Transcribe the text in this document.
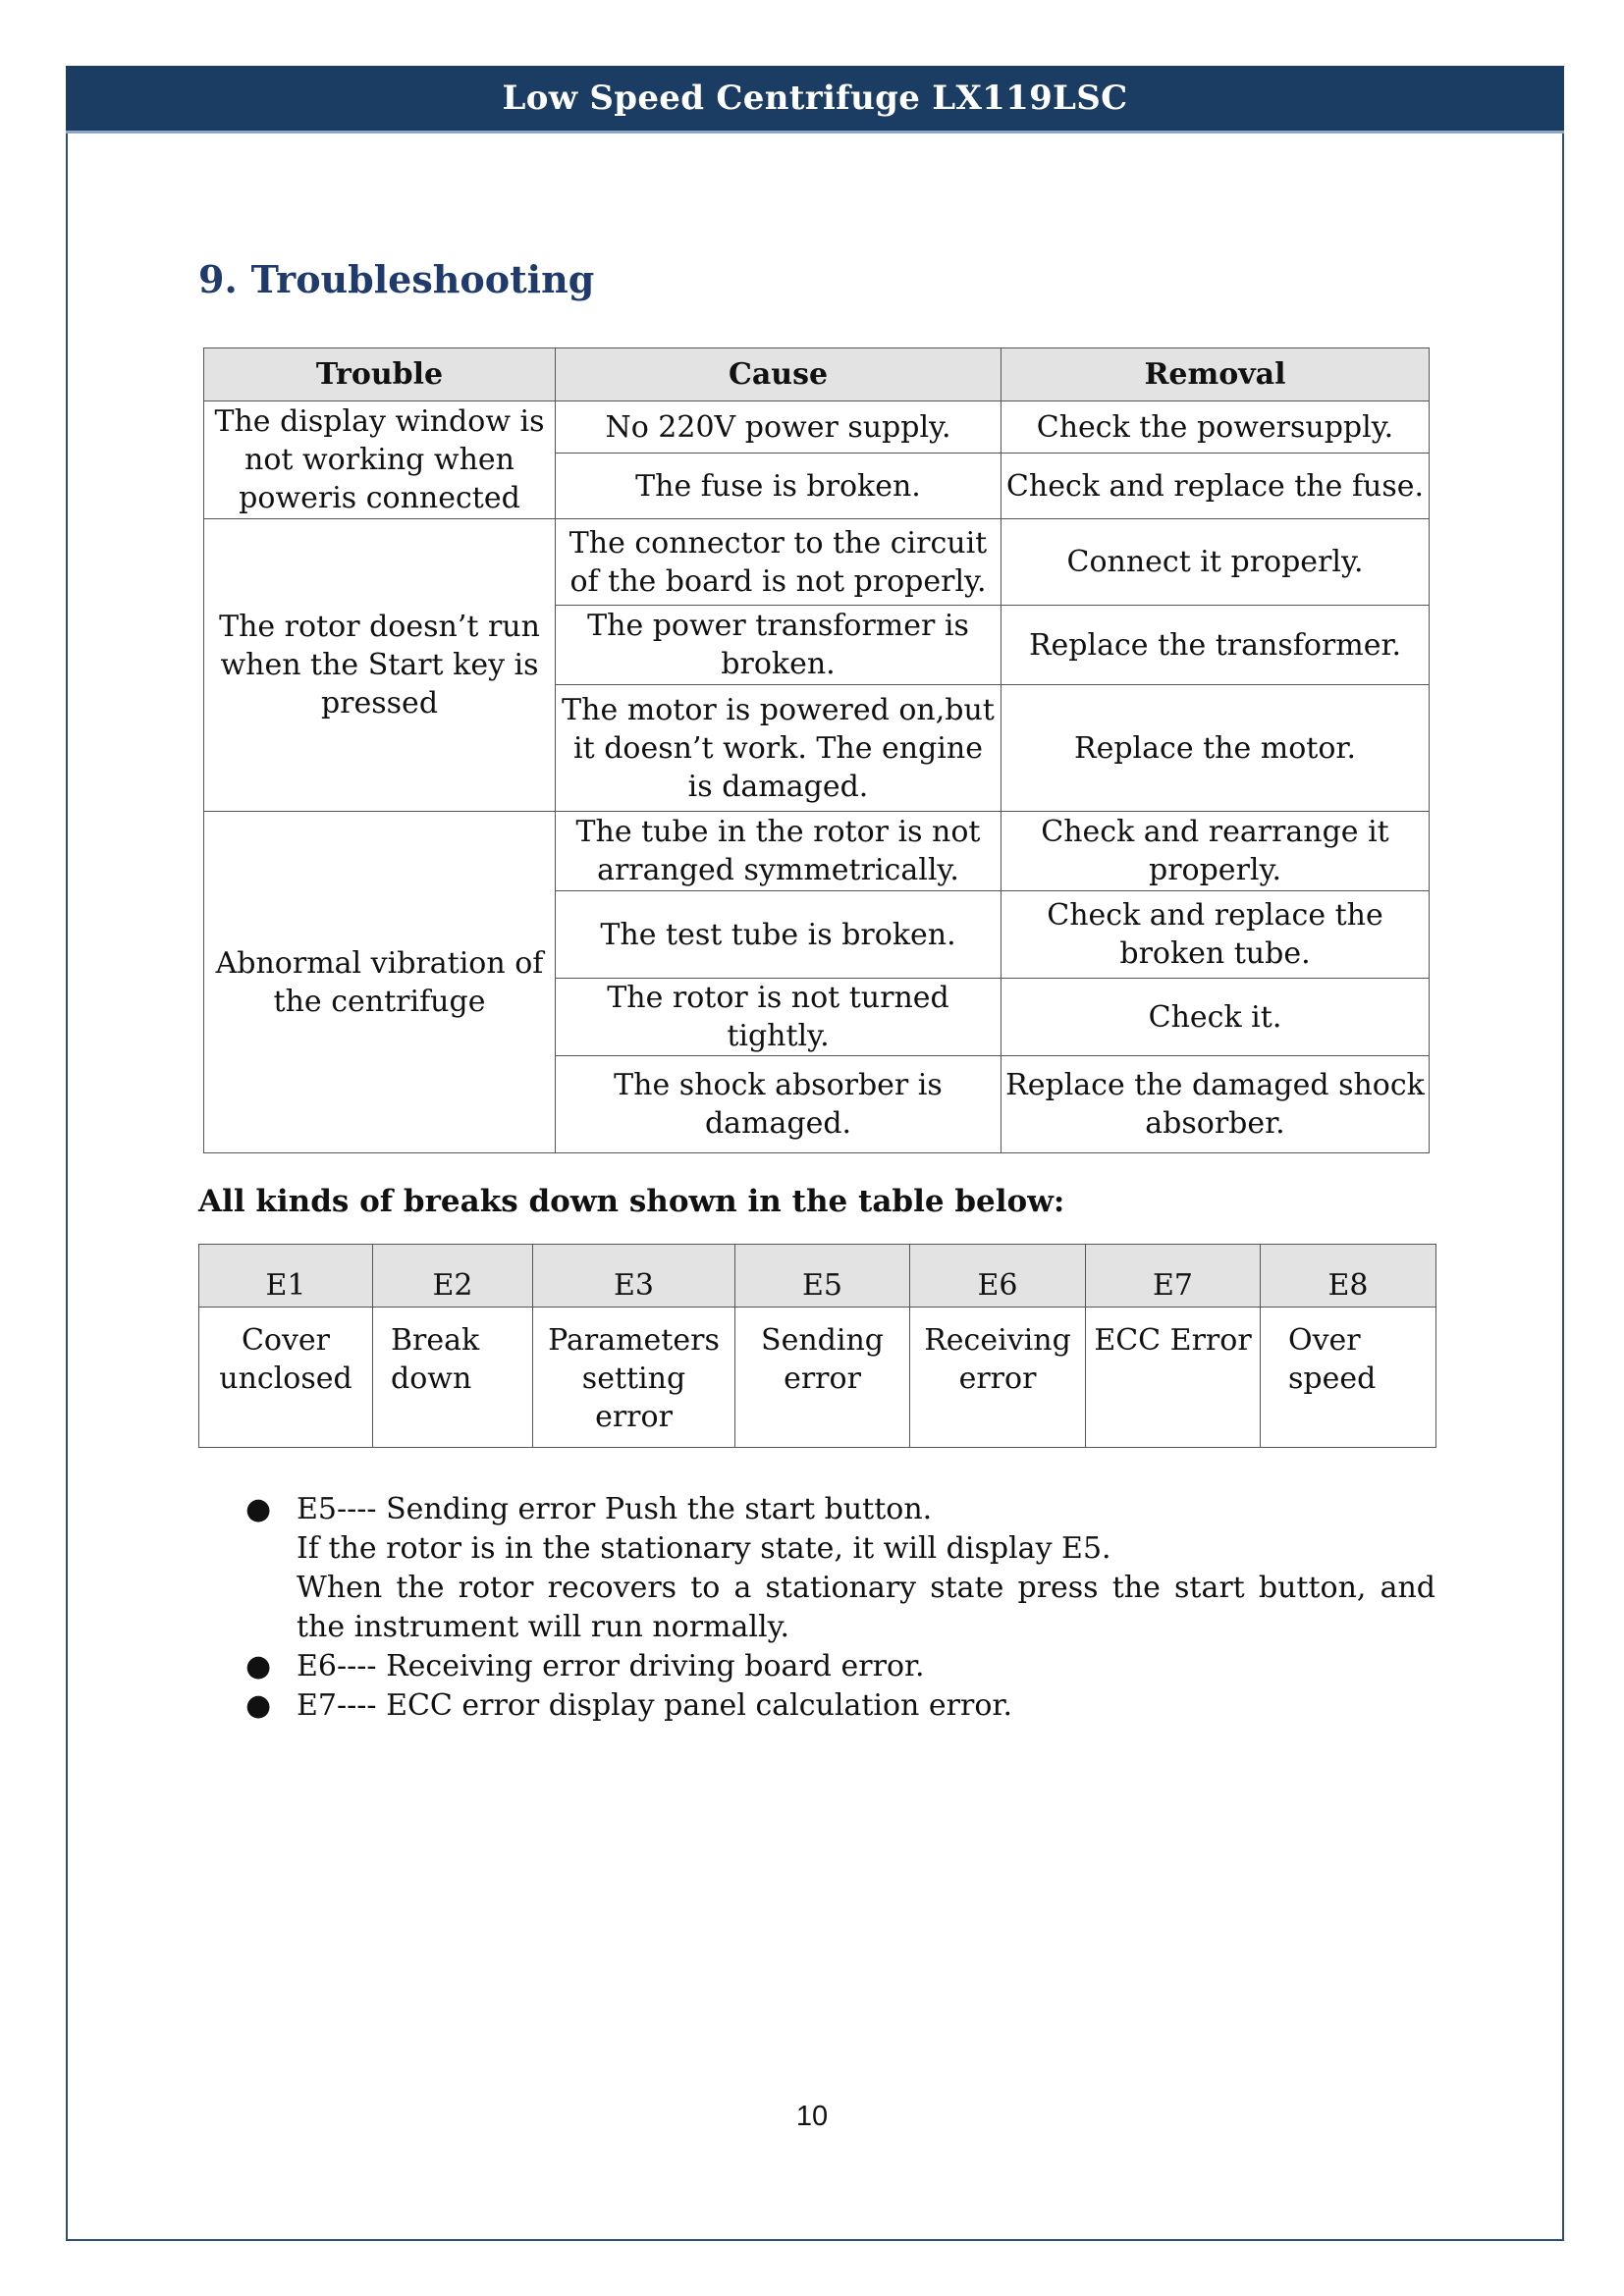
Low Speed Centrifuge LX119LSC
9. Troubleshooting
Trouble	Cause	Removal
The display window is not working when poweris connected	No 220V power supply.	Check the powersupply.
	The fuse is broken.	Check and replace the fuse.
The rotor doesn’t run when the Start key is pressed	The connector to the circuit of the board is not properly.	Connect it properly.
	The power transformer is broken.	Replace the transformer.
	The motor is powered on,but it doesn’t work. The engine is damaged.	Replace the motor.
Abnormal vibration of the centrifuge	The tube in the rotor is not arranged symmetrically.	Check and rearrange it properly.
	The test tube is broken.	Check and replace the broken tube.
	The rotor is not turned tightly.	Check it.
	The shock absorber is damaged.	Replace the damaged shock absorber.
All kinds of breaks down shown in the table below:
E1	E2	E3	E5	E6	E7	E8
Cover unclosed	Break down	Parameters setting error	Sending error	Receiving error	ECC Error	Over speed
● E5---- Sending error Push the start button.
If the rotor is in the stationary state, it will display E5.
When the rotor recovers to a stationary state press the start button, and the instrument will run normally.
● E6---- Receiving error driving board error.
● E7---- ECC error display panel calculation error.
10
